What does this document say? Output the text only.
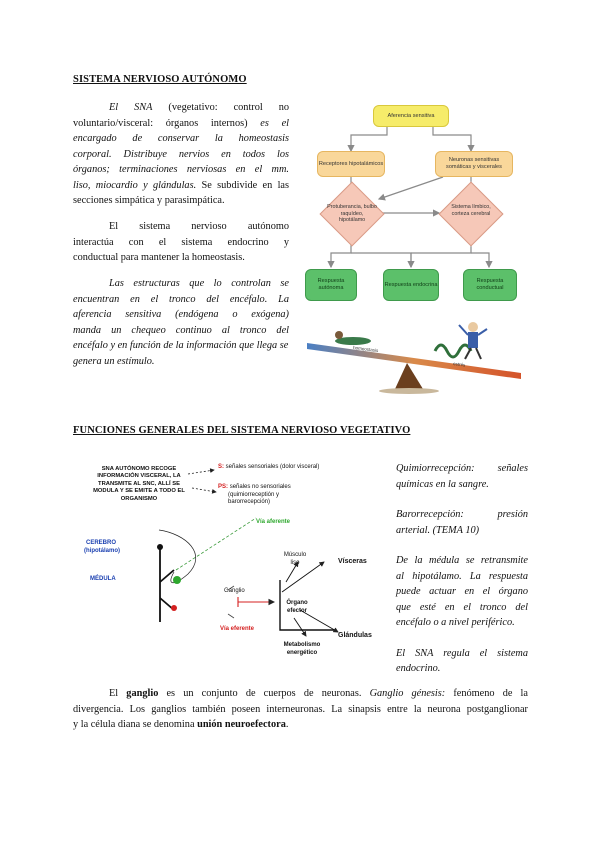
SISTEMA NERVIOSO AUTÓNOMO
El SNA (vegetativo: control no
voluntario/visceral: órganos internos) es el
encargado de conservar la homeostasis
corporal. Distribuye nervios en todos los
órganos; terminaciones nerviosas en el mm.
liso, miocardio y glándulas. Se subdivide en las
secciones simpática y parasimpática.
El sistema nervioso autónomo
interactúa con el sistema endocrino y
conductual para mantener la homeostasis.
Las estructuras que lo controlan se
encuentran en el tronco del encéfalo. La
aferencia sensitiva (endógena o exógena)
manda un chequeo continuo al tronco del
encéfalo y en función de la información que llega se
genera un estímulo.
Aferencia sensitiva
Receptores hipotalámicos
Neuronas sensitivas somáticas y viscerales
Protuberancia, bulbo raquídeo, hipotálamo
Sistema límbico, corteza cerebral
Respuesta autónoma
Respuesta endocrina
Respuesta conductual
homeostasis
estrés
FUNCIONES GENERALES DEL SISTEMA NERVIOSO VEGETATIVO
SNA AUTÓNOMO RECOGE
INFORMACIÓN VISCERAL, LA
TRANSMITE AL SNC, ALLÍ SE
MODULA Y SE EMITE A TODO EL
ORGANISMO
S: señales sensoriales (dolor visceral)
PS: señales no sensoriales
(quimiorreceptión y
barorrecepción)
Vía aferente
CEREBRO
(hipotálamo)
MÉDULA
Ganglio
Vía eferente
Músculo liso	Vísceras
Órgano efector
Glándulas
Metabolismo energético
Quimiorrecepción: señales
químicas en la sangre.
Barorrecepción: presión
arterial. (TEMA 10)
De la médula se retransmite
al hipotálamo. La respuesta
puede actuar en el órgano
que esté en el tronco del
encéfalo o a nivel periférico.
El SNA regula el sistema
endocrino.
El ganglio es un conjunto de cuerpos de neuronas. Ganglio génesis: fenómeno de la
divergencia. Los ganglios también poseen interneuronas. La sinapsis entre la neurona postganglionar
y la célula diana se denomina unión neuroefectora.
